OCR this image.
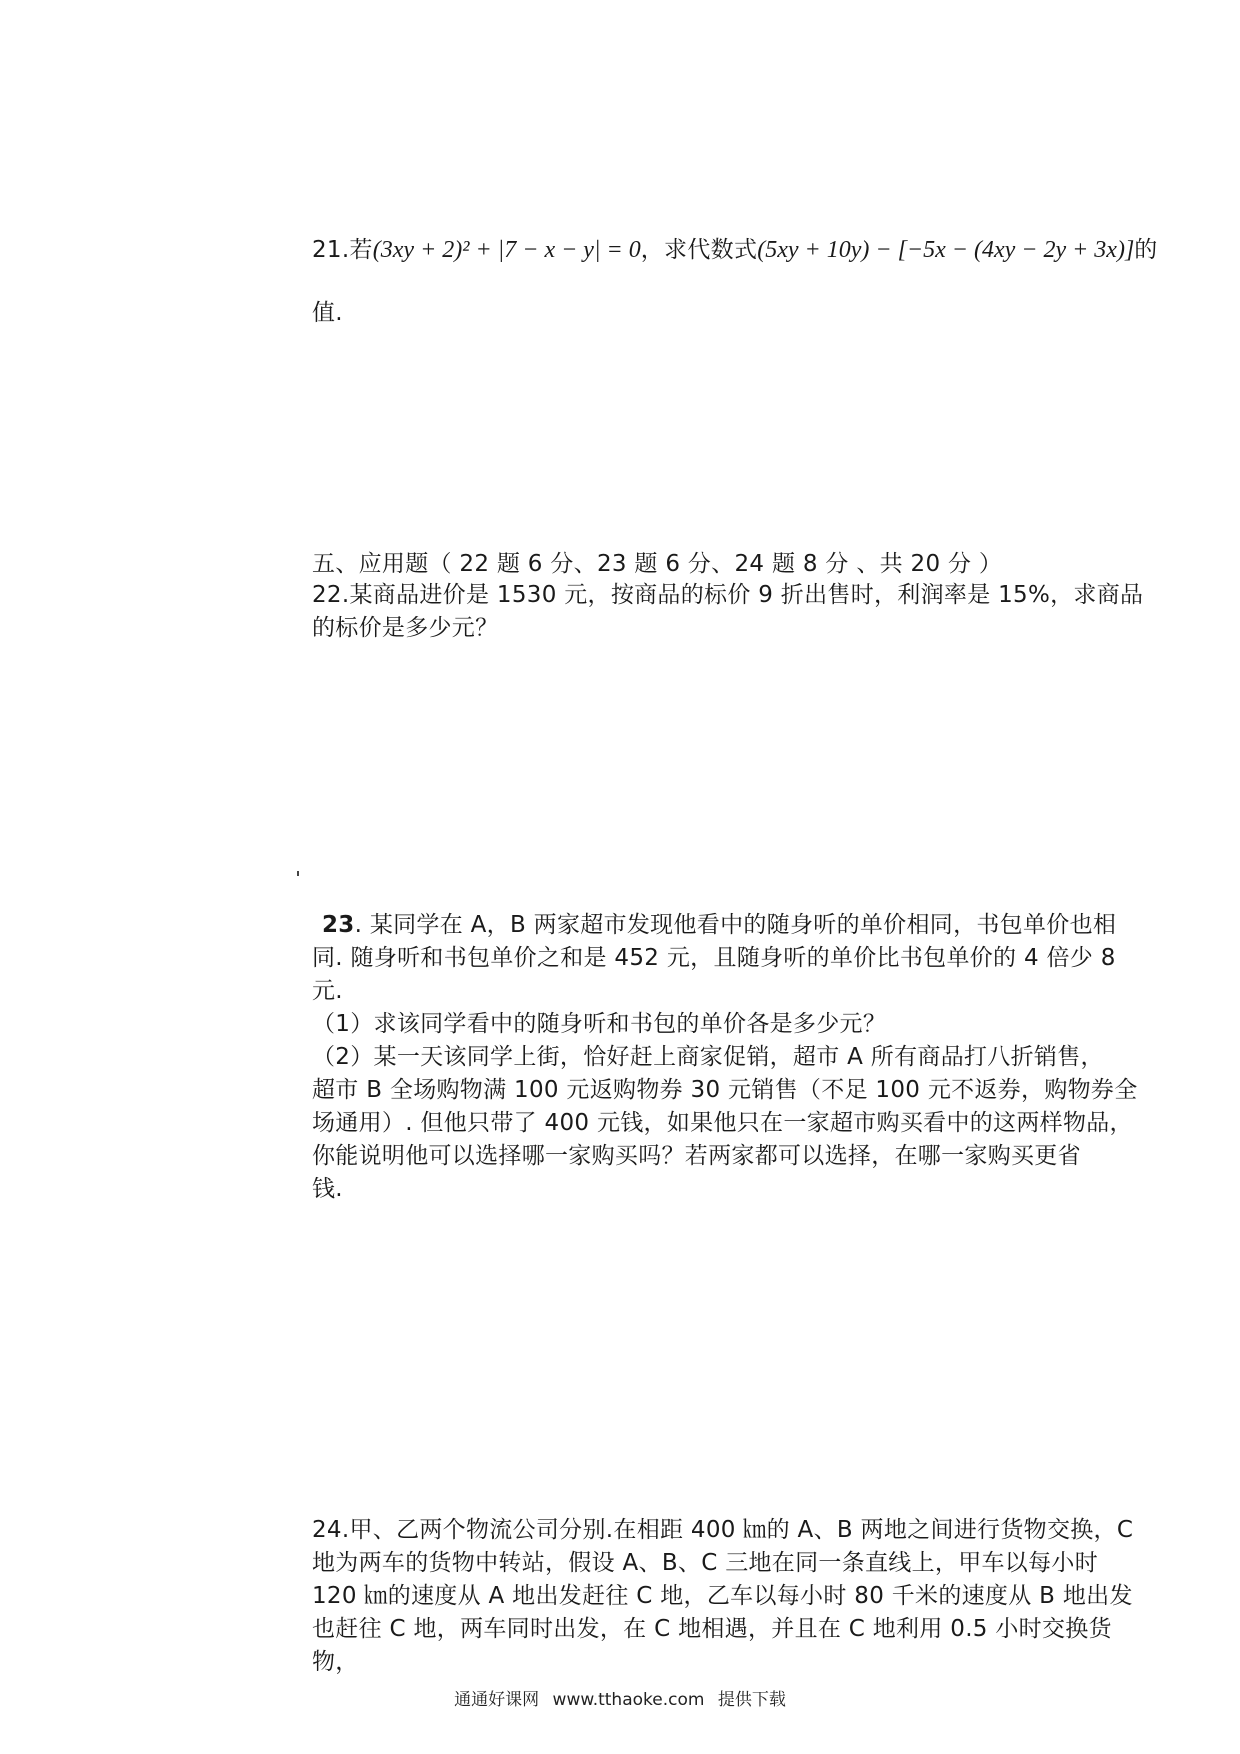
21.若 (3xy + 2)² + |7 − x − y| = 0 ，求代数式 (5xy + 10y) − [−5x − (4xy − 2y + 3x)] 的
值.
五、应用题（ 22 题 6 分、23 题 6 分、24 题 8 分 、共 20 分 ）
22.某商品进价是 1530 元，按商品的标价 9 折出售时，利润率是 15%，求商品
的标价是多少元？
23. 某同学在 A，B 两家超市发现他看中的随身听的单价相同，书包单价也相
同. 随身听和书包单价之和是 452 元，且随身听的单价比书包单价的 4 倍少 8
元.
（1）求该同学看中的随身听和书包的单价各是多少元？
（2）某一天该同学上街，恰好赶上商家促销，超市 A 所有商品打八折销售，
超市 B 全场购物满 100 元返购物券 30 元销售（不足 100 元不返券，购物券全
场通用）. 但他只带了 400 元钱，如果他只在一家超市购买看中的这两样物品，
你能说明他可以选择哪一家购买吗？若两家都可以选择，在哪一家购买更省
钱.
24.甲、乙两个物流公司分别.在相距 400 ㎞的 A、B 两地之间进行货物交换，C
地为两车的货物中转站，假设 A、B、C 三地在同一条直线上，甲车以每小时
120 ㎞的速度从 A 地出发赶往 C 地，乙车以每小时 80 千米的速度从 B 地出发
也赶往 C 地，两车同时出发，在 C 地相遇，并且在 C 地利用 0.5 小时交换货物，
通通好课网 www.tthaoke.com 提供下载
